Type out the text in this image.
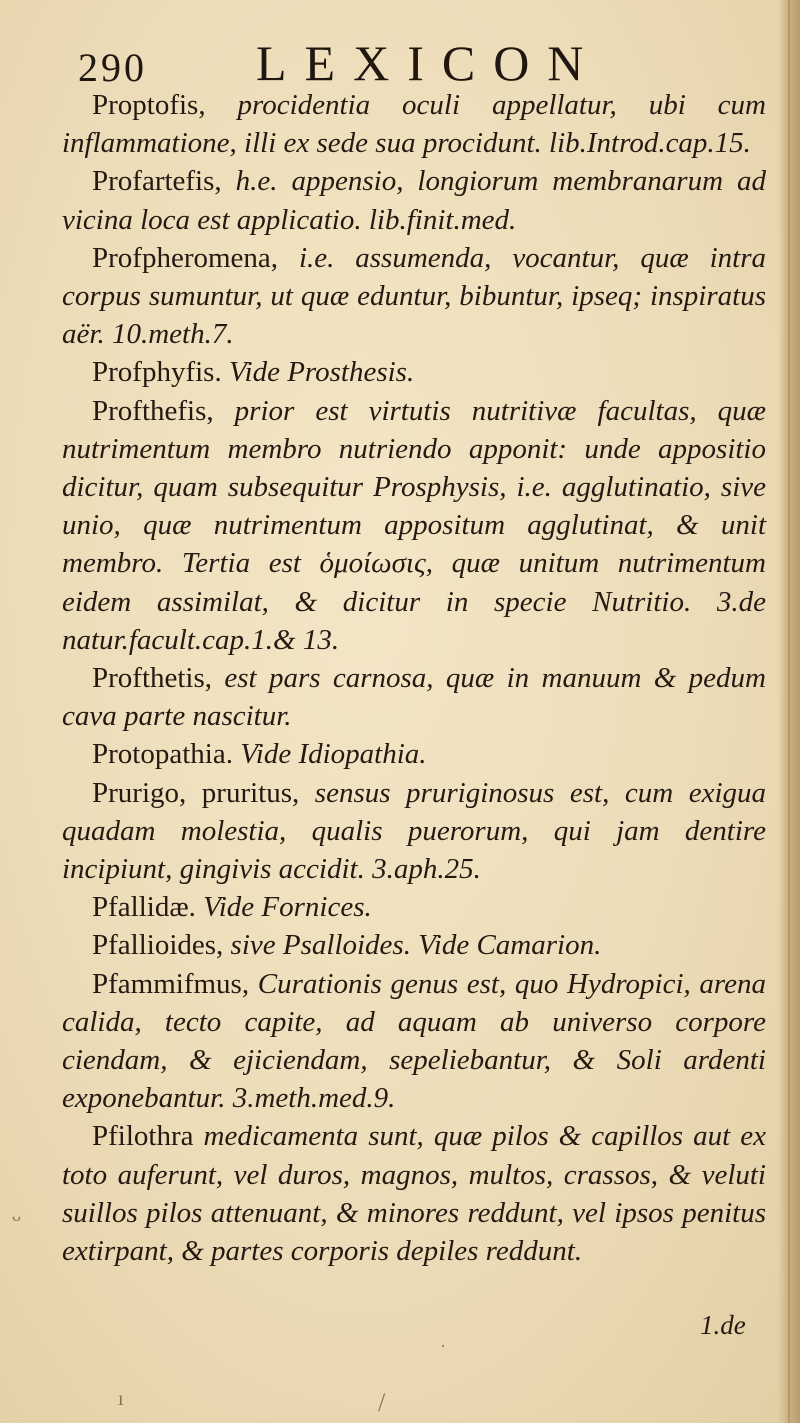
290 LEXICON

Proptofis, procidentia oculi appellatur, ubi cum inflammatione, illi ex sede sua procidunt. lib.Introd.cap.15.

Profartefis, h.e. appensio, longiorum membranarum ad vicina loca est applicatio. lib.finit.med.

Profpheromena, i.e. assumenda, vocantur, quæ intra corpus sumuntur, ut quæ eduntur, bibuntur, ipseq; inspiratus aër. 10.meth.7.

Profphyfis. Vide Prosthesis.

Profthefis, prior est virtutis nutritivæ facultas, quæ nutrimentum membro nutriendo apponit: unde appositio dicitur, quam subsequitur Prosphysis, i.e. agglutinatio, sive unio, quæ nutrimentum appositum agglutinat, & unit membro. Tertia est ὁμοίωσις, quæ unitum nutrimentum eidem assimilat, & dicitur in specie Nutritio. 3.de natur.facult.cap.1.& 13.

Profthetis, est pars carnosa, quæ in manuum & pedum cava parte nascitur.

Protopathia. Vide Idiopathia.

Prurigo, pruritus, sensus pruriginosus est, cum exigua quadam molestia, qualis puerorum, qui jam dentire incipiunt, gingivis accidit. 3.aph.25.

Pfallidæ. Vide Fornices.

Pfallioides, sive Psalloides. Vide Camarion.

Pfammifmus, Curationis genus est, quo Hydropici, arena calida, tecto capite, ad aquam ab universo corpore ciendam, & ejiciendam, sepeliebantur, & Soli ardenti exponebantur. 3.meth.med.9.

Pfilothra medicamenta sunt, quæ pilos & capillos aut ex toto auferunt, vel duros, magnos, multos, crassos, & veluti suillos pilos attenuant, & minores reddunt, vel ipsos penitus extirpant, & partes corporis depiles reddunt.

1.de
ᴗ
ı	/
·
